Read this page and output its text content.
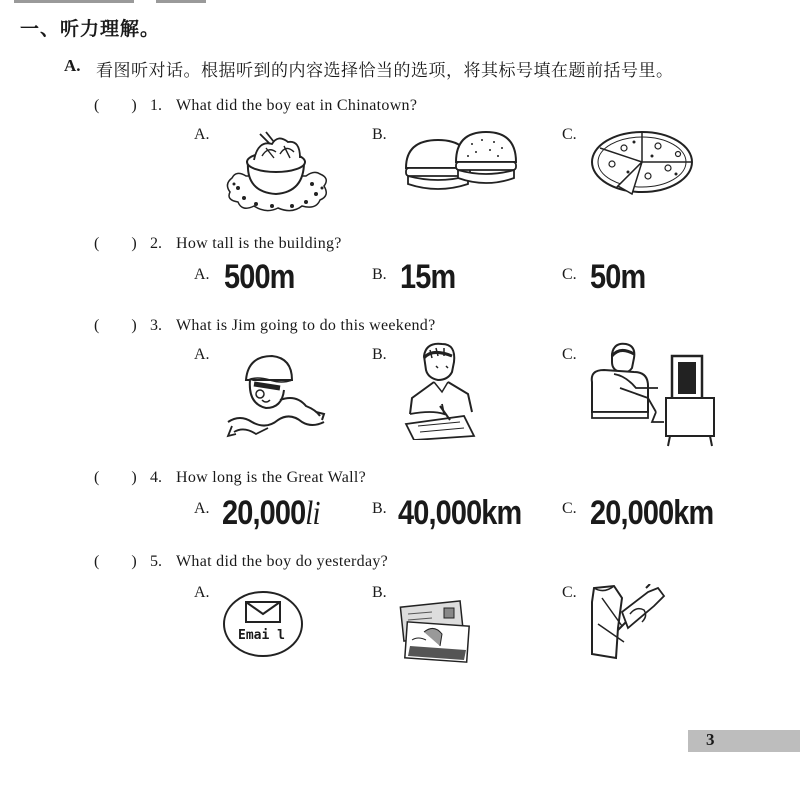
一、听力理解。
A. 看图听对话。根据听到的内容选择恰当的选项，将其标号填在题前括号里。
(　　) 1. What did the boy eat in Chinatown?
A.	B.	C.
(　　) 2. How tall is the building?
A. 500m	B. 15m	C. 50m
(　　) 3. What is Jim going to do this weekend?
A.	B.	C.
(　　) 4. How long is the Great Wall?
A. 20,000li	B. 40,000km	C. 20,000km
(　　) 5. What did the boy do yesterday?
A.	B.	C.
Emai l
3
